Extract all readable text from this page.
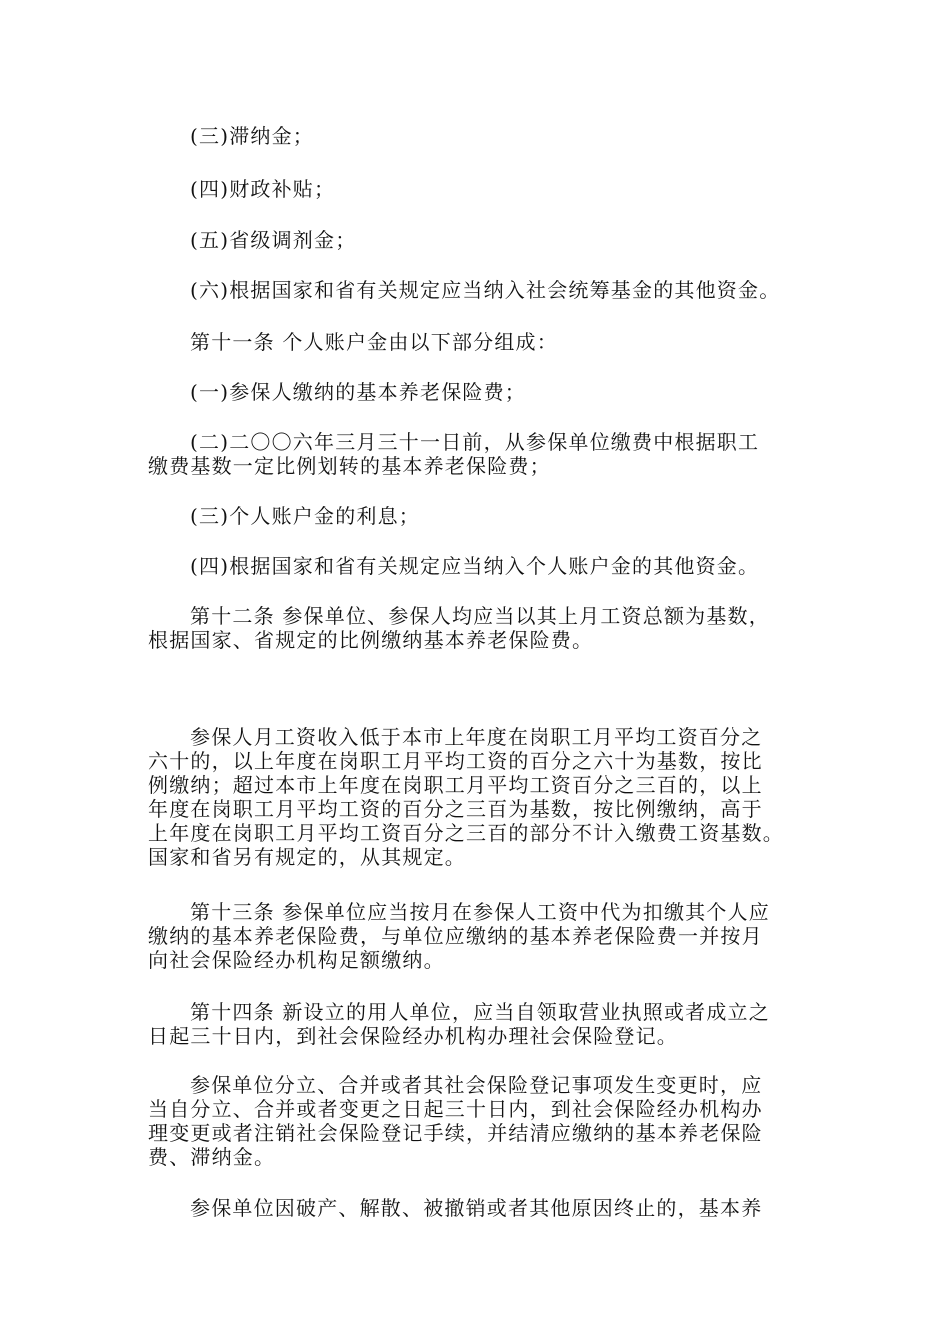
(三)滞纳金；
(四)财政补贴；
(五)省级调剂金；
(六)根据国家和省有关规定应当纳入社会统筹基金的其他资金。
第十一条 个人账户金由以下部分组成：
(一)参保人缴纳的基本养老保险费；
(二)二〇〇六年三月三十一日前，从参保单位缴费中根据职工
缴费基数一定比例划转的基本养老保险费；
(三)个人账户金的利息；
(四)根据国家和省有关规定应当纳入个人账户金的其他资金。
第十二条 参保单位、参保人均应当以其上月工资总额为基数，
根据国家、省规定的比例缴纳基本养老保险费。
参保人月工资收入低于本市上年度在岗职工月平均工资百分之
六十的，以上年度在岗职工月平均工资的百分之六十为基数，按比
例缴纳；超过本市上年度在岗职工月平均工资百分之三百的，以上
年度在岗职工月平均工资的百分之三百为基数，按比例缴纳，高于
上年度在岗职工月平均工资百分之三百的部分不计入缴费工资基数。
国家和省另有规定的，从其规定。
第十三条 参保单位应当按月在参保人工资中代为扣缴其个人应
缴纳的基本养老保险费，与单位应缴纳的基本养老保险费一并按月
向社会保险经办机构足额缴纳。
第十四条 新设立的用人单位，应当自领取营业执照或者成立之
日起三十日内，到社会保险经办机构办理社会保险登记。
参保单位分立、合并或者其社会保险登记事项发生变更时，应
当自分立、合并或者变更之日起三十日内，到社会保险经办机构办
理变更或者注销社会保险登记手续，并结清应缴纳的基本养老保险
费、滞纳金。
参保单位因破产、解散、被撤销或者其他原因终止的，基本养
